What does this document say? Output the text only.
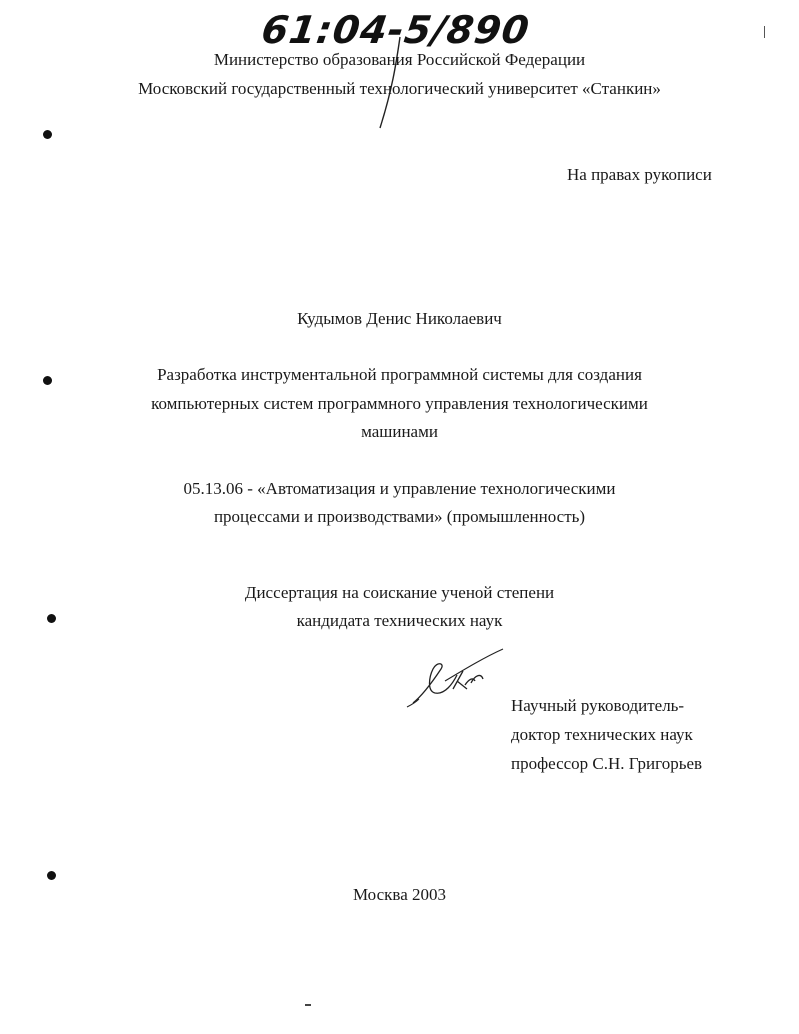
61:04-5/890
Министерство образования Российской Федерации
Московский государственный технологический университет «Станкин»
На правах рукописи
Кудымов Денис Николаевич
Разработка инструментальной программной системы для создания
компьютерных систем программного управления технологическими
машинами
05.13.06 - «Автоматизация и управление технологическими
процессами и производствами» (промышленность)
Диссертация на соискание ученой степени
кандидата технических наук
Научный руководитель-
доктор технических наук
профессор С.Н. Григорьев
Москва 2003
